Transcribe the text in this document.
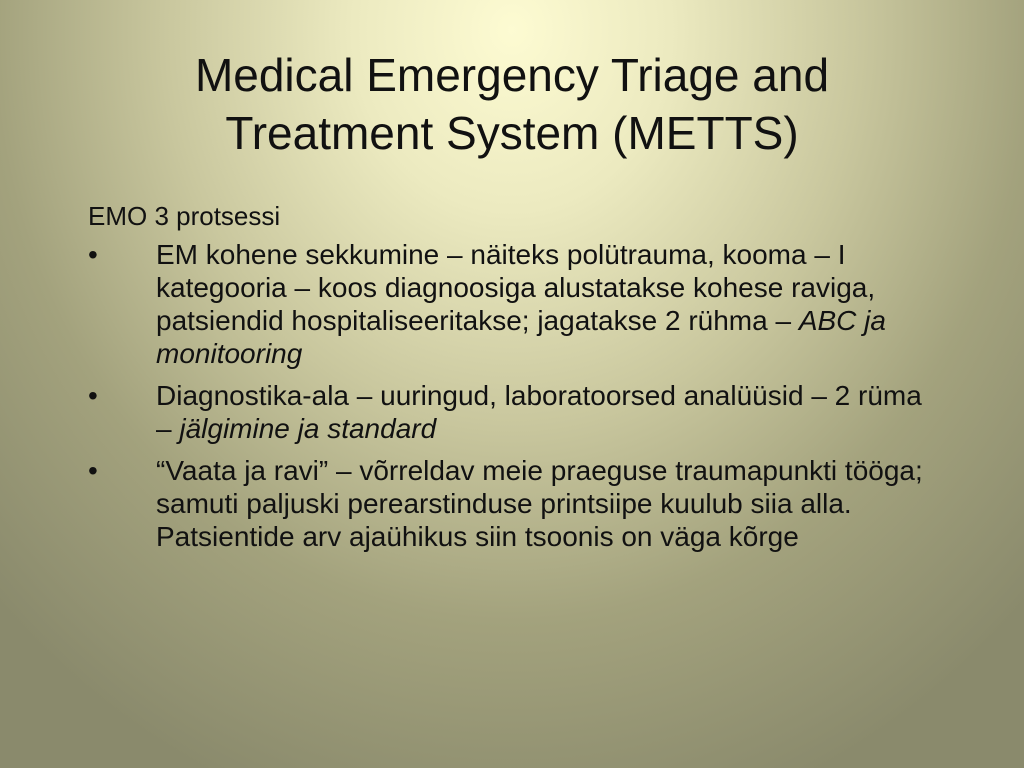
Medical Emergency Triage and
Treatment System (METTS)

EMO 3 protsessi

• EM kohene sekkumine – näiteks polütrauma, kooma – I kategooria – koos diagnoosiga alustatakse kohese raviga, patsiendid hospitaliseeritakse; jagatakse 2 rühma – ABC ja monitooring
• Diagnostika-ala – uuringud, laboratoorsed analüüsid – 2 rüma – jälgimine ja standard
• “Vaata ja ravi” – võrreldav meie praeguse traumapunkti tööga; samuti paljuski perearstinduse printsiipe kuulub siia alla. Patsientide arv ajaühikus siin tsoonis on väga kõrge
